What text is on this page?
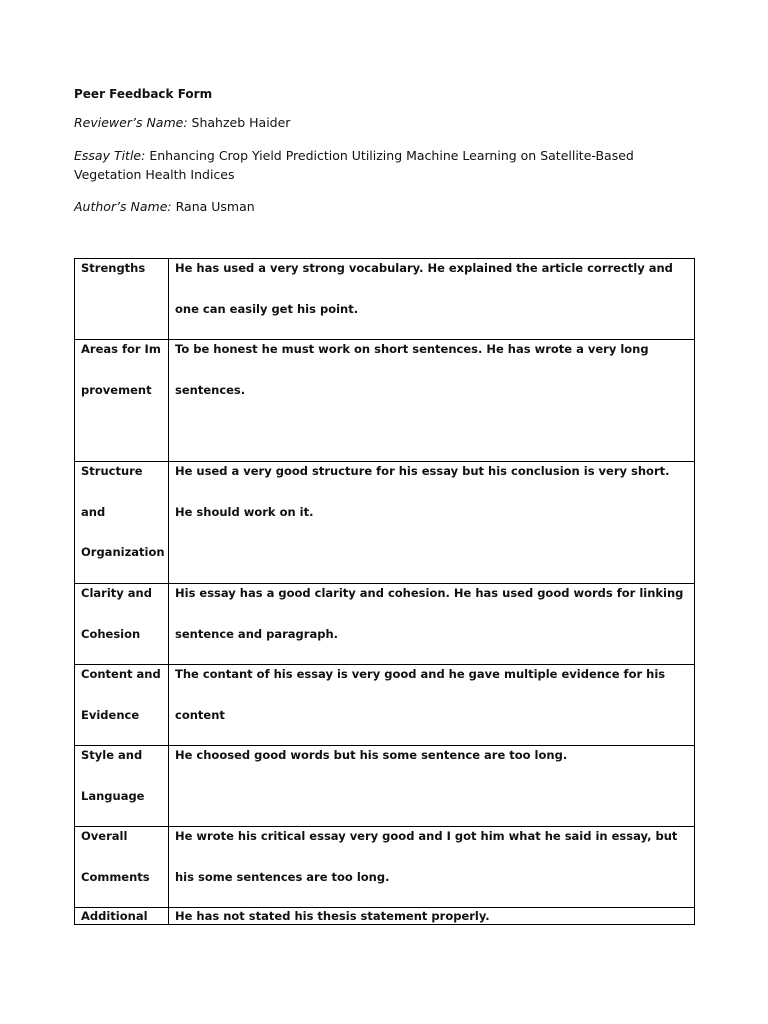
Peer Feedback Form
Reviewer’s Name: Shahzeb Haider
Essay Title: Enhancing Crop Yield Prediction Utilizing Machine Learning on Satellite-Based Vegetation Health Indices
Author’s Name: Rana Usman
Strengths	He has used a very strong vocabulary. He explained the article correctly and one can easily get his point.

Areas for Improvement	To be honest he must work on short sentences. He has wrote a very long sentences.

Structure and Organization	He used a very good structure for his essay but his conclusion is very short. He should work on it.

Clarity and Cohesion	His essay has a good clarity and cohesion. He has used good words for linking sentence and paragraph.

Content and Evidence	The contant of his essay is very good and he gave multiple evidence for his content

Style and Language	He choosed good words but his some sentence are too long.

Overall Comments	He wrote his critical essay very good and I got him what he said in essay, but his some sentences are too long.

Additional	He has not stated his thesis statement properly.
